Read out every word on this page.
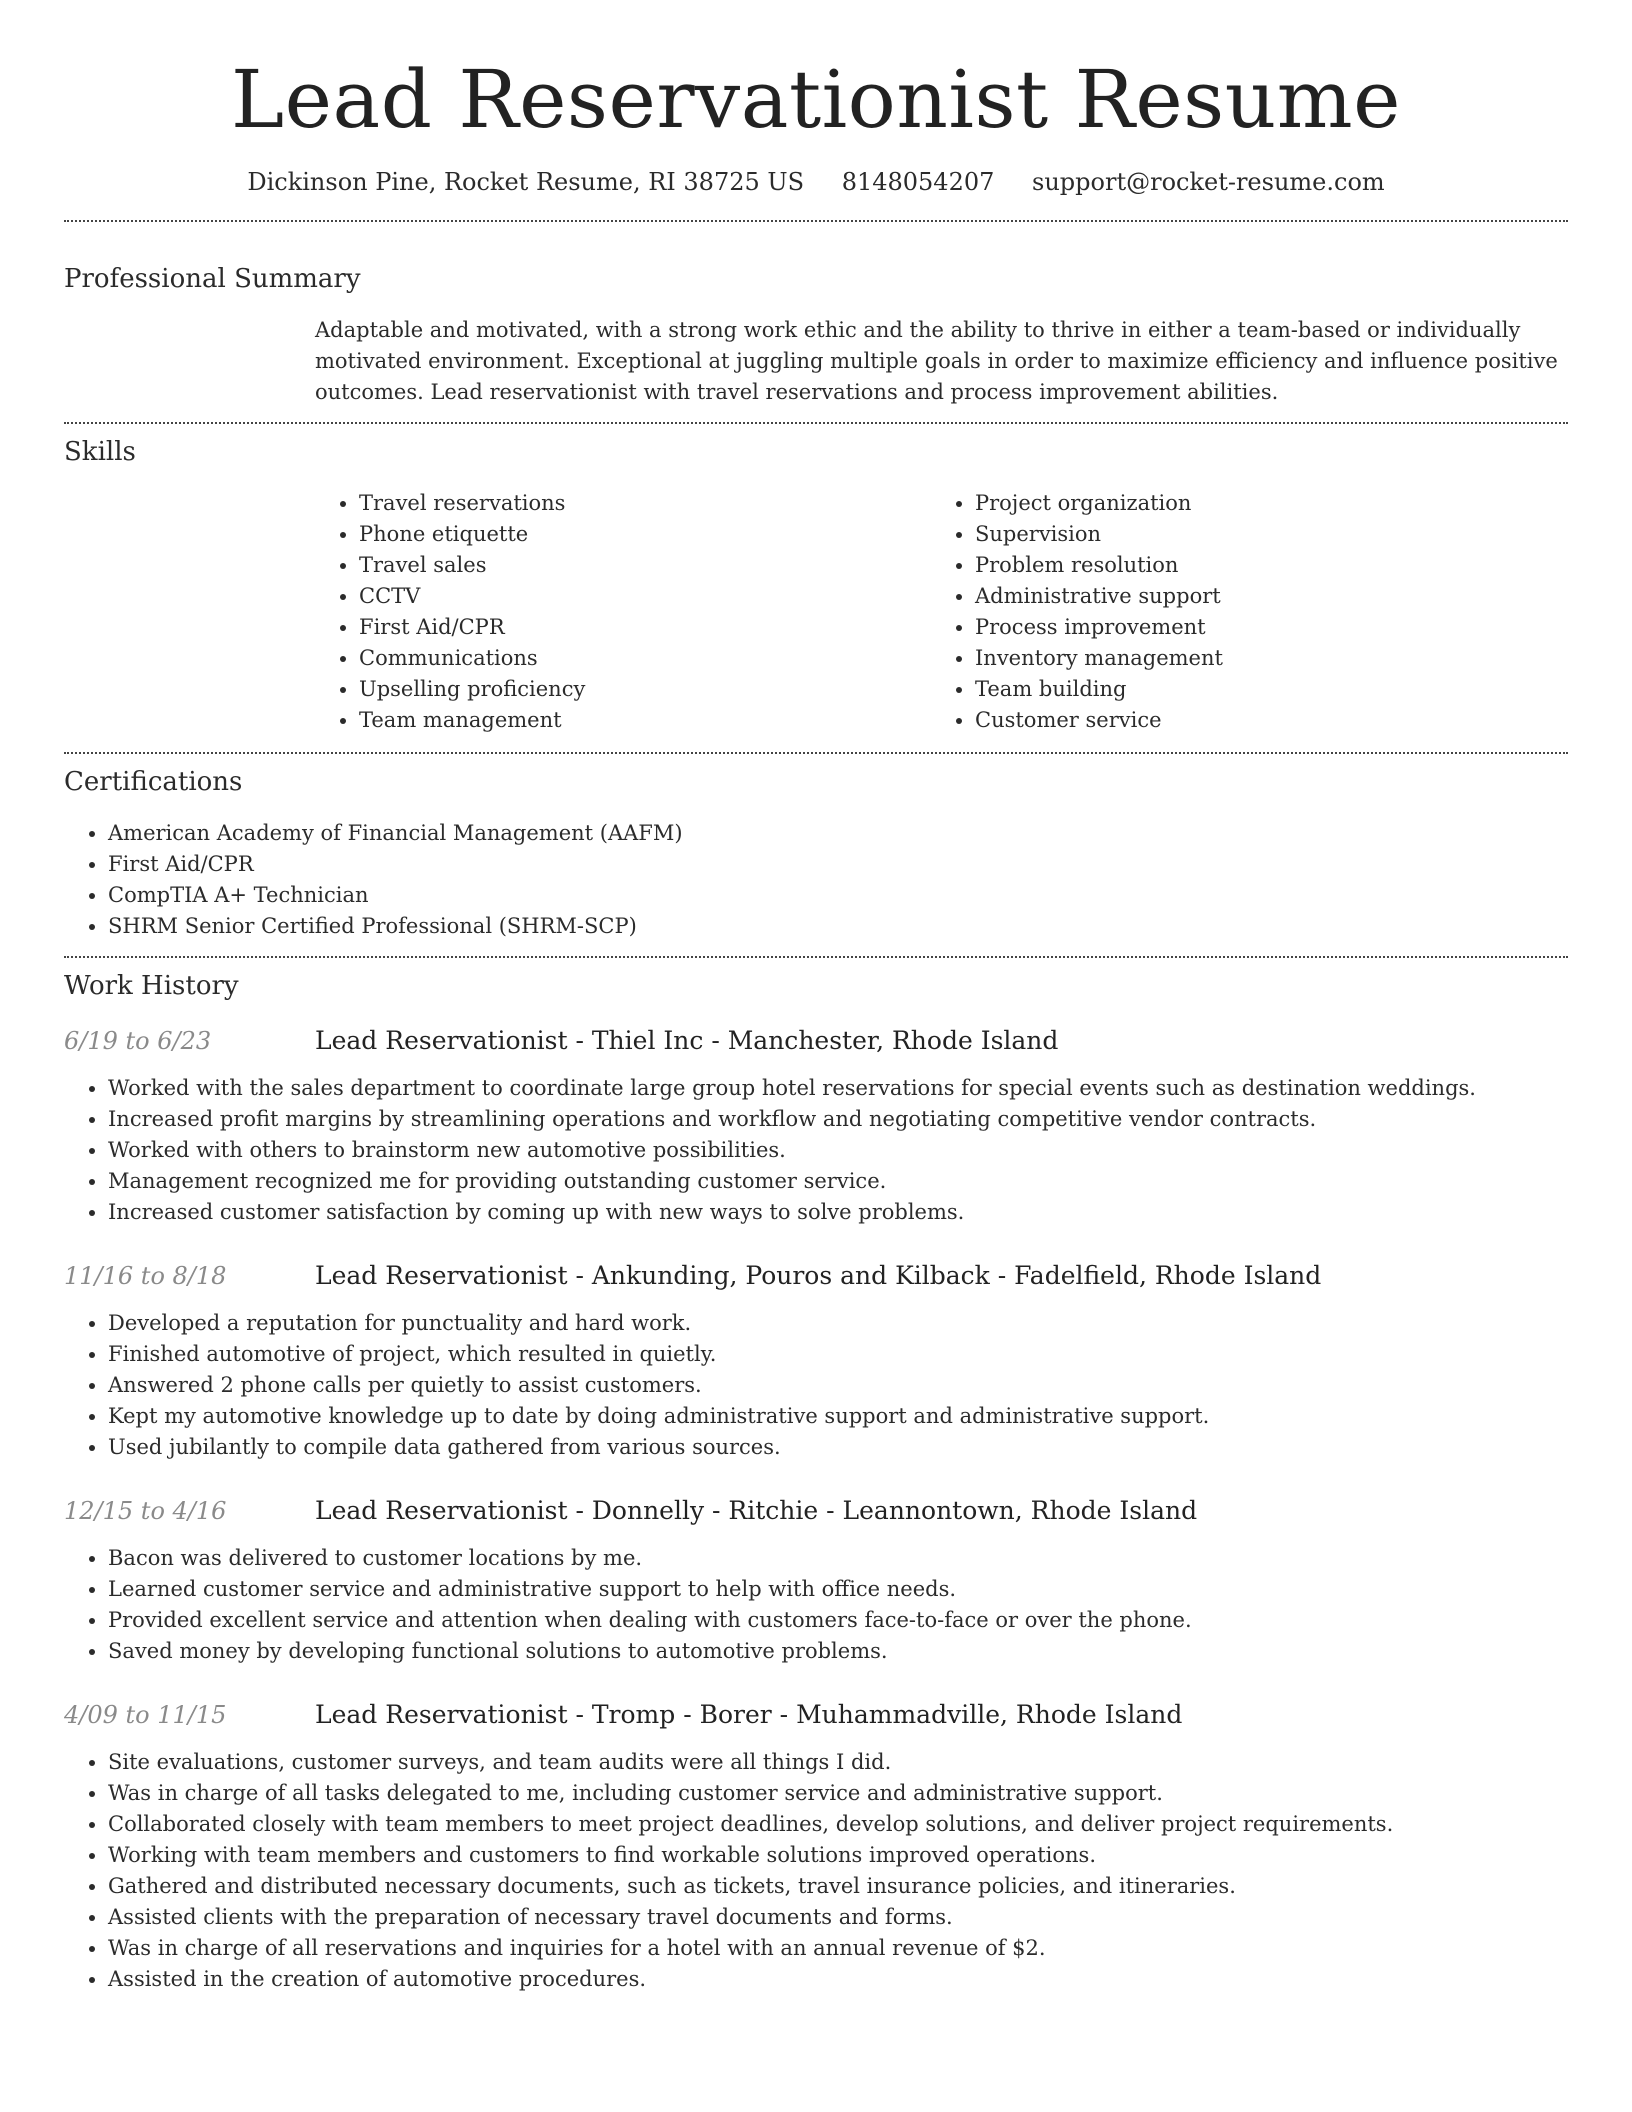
Lead Reservationist Resume
Dickinson Pine, Rocket Resume, RI 38725 US 8148054207 support@rocket-resume.com
Professional Summary
Adaptable and motivated, with a strong work ethic and the ability to thrive in either a team-based or individually motivated environment. Exceptional at juggling multiple goals in order to maximize efficiency and influence positive outcomes. Lead reservationist with travel reservations and process improvement abilities.
Skills
• Travel reservations
• Phone etiquette
• Travel sales
• CCTV
• First Aid/CPR
• Communications
• Upselling proficiency
• Team management
• Project organization
• Supervision
• Problem resolution
• Administrative support
• Process improvement
• Inventory management
• Team building
• Customer service
Certifications
• American Academy of Financial Management (AAFM)
• First Aid/CPR
• CompTIA A+ Technician
• SHRM Senior Certified Professional (SHRM-SCP)
Work History
6/19 to 6/23	Lead Reservationist - Thiel Inc - Manchester, Rhode Island
• Worked with the sales department to coordinate large group hotel reservations for special events such as destination weddings.
• Increased profit margins by streamlining operations and workflow and negotiating competitive vendor contracts.
• Worked with others to brainstorm new automotive possibilities.
• Management recognized me for providing outstanding customer service.
• Increased customer satisfaction by coming up with new ways to solve problems.
11/16 to 8/18	Lead Reservationist - Ankunding, Pouros and Kilback - Fadelfield, Rhode Island
• Developed a reputation for punctuality and hard work.
• Finished automotive of project, which resulted in quietly.
• Answered 2 phone calls per quietly to assist customers.
• Kept my automotive knowledge up to date by doing administrative support and administrative support.
• Used jubilantly to compile data gathered from various sources.
12/15 to 4/16	Lead Reservationist - Donnelly - Ritchie - Leannontown, Rhode Island
• Bacon was delivered to customer locations by me.
• Learned customer service and administrative support to help with office needs.
• Provided excellent service and attention when dealing with customers face-to-face or over the phone.
• Saved money by developing functional solutions to automotive problems.
4/09 to 11/15	Lead Reservationist - Tromp - Borer - Muhammadville, Rhode Island
• Site evaluations, customer surveys, and team audits were all things I did.
• Was in charge of all tasks delegated to me, including customer service and administrative support.
• Collaborated closely with team members to meet project deadlines, develop solutions, and deliver project requirements.
• Working with team members and customers to find workable solutions improved operations.
• Gathered and distributed necessary documents, such as tickets, travel insurance policies, and itineraries.
• Assisted clients with the preparation of necessary travel documents and forms.
• Was in charge of all reservations and inquiries for a hotel with an annual revenue of $2.
• Assisted in the creation of automotive procedures.
